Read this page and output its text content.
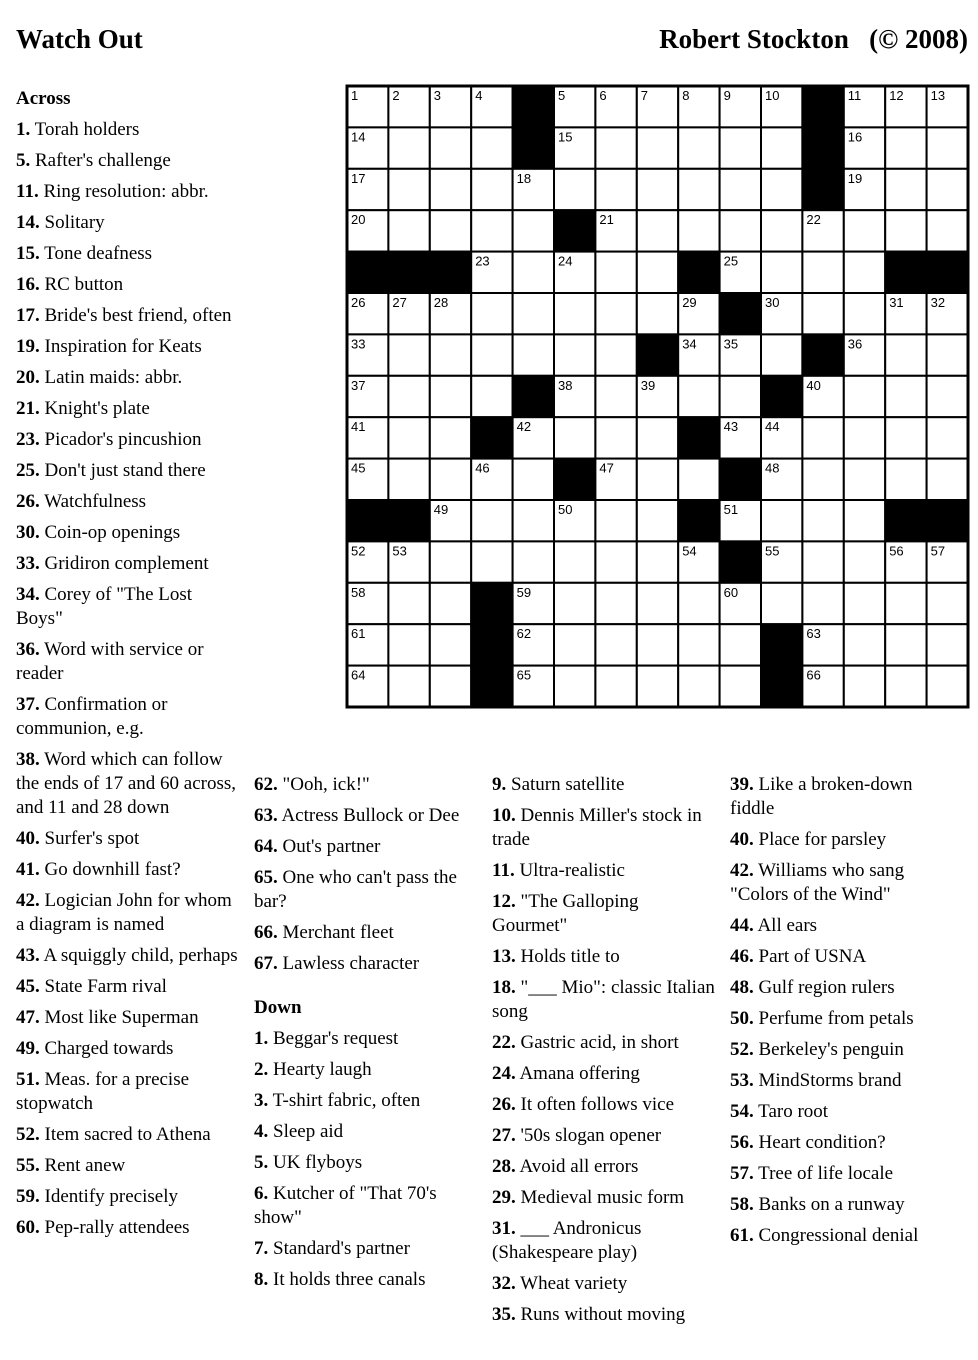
Watch Out	Robert Stockton   (© 2008)
1	2	3	4	5	6	7	8	9	10	11 12 13
14	15	16
17	18	19
20	21	22
23	24	25
26 27 28	29	30	31 32
33	34 35	36
37	38	39	40
41	42	43 44
45	46	47	48
49	50	51
52 53	54	55	56 57
58	59	60
61	62	63
64	65	66
Across
1. Torah holders
5. Rafter's challenge
11. Ring resolution: abbr.
14. Solitary
15. Tone deafness
16. RC button
17. Bride's best friend, often
19. Inspiration for Keats
20. Latin maids: abbr.
21. Knight's plate
23. Picador's pincushion
25. Don't just stand there
26. Watchfulness
30. Coin-op openings
33. Gridiron complement
34. Corey of "The Lost Boys"
36. Word with service or reader
37. Confirmation or communion, e.g.
38. Word which can follow the ends of 17 and 60 across, and 11 and 28 down
40. Surfer's spot
41. Go downhill fast?
42. Logician John for whom a diagram is named
43. A squiggly child, perhaps
45. State Farm rival
47. Most like Superman
49. Charged towards
51. Meas. for a precise stopwatch
52. Item sacred to Athena
55. Rent anew
59. Identify precisely
60. Pep-rally attendees
62. "Ooh, ick!"
63. Actress Bullock or Dee
64. Out's partner
65. One who can't pass the bar?
66. Merchant fleet
67. Lawless character
Down
1. Beggar's request
2. Hearty laugh
3. T-shirt fabric, often
4. Sleep aid
5. UK flyboys
6. Kutcher of "That 70's show"
7. Standard's partner
8. It holds three canals
9. Saturn satellite
10. Dennis Miller's stock in trade
11. Ultra-realistic
12. "The Galloping Gourmet"
13. Holds title to
18. "___ Mio": classic Italian song
22. Gastric acid, in short
24. Amana offering
26. It often follows vice
27. '50s slogan opener
28. Avoid all errors
29. Medieval music form
31. ___ Andronicus (Shakespeare play)
32. Wheat variety
35. Runs without moving
39. Like a broken-down fiddle
40. Place for parsley
42. Williams who sang "Colors of the Wind"
44. All ears
46. Part of USNA
48. Gulf region rulers
50. Perfume from petals
52. Berkeley's penguin
53. MindStorms brand
54. Taro root
56. Heart condition?
57. Tree of life locale
58. Banks on a runway
61. Congressional denial
